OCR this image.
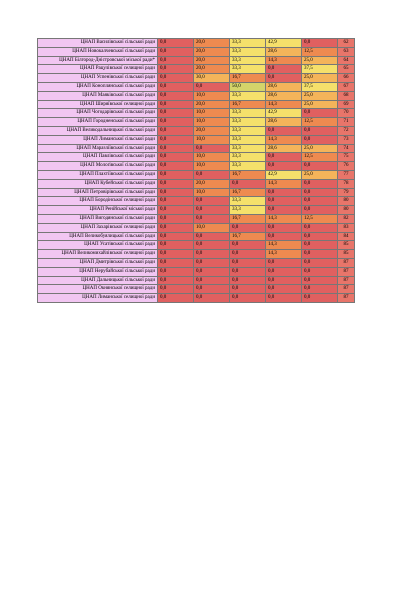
ЦНАП Василівської сільської ради	0,0	20,0	33,3	42,9	0,0	62
ЦНАП Новокалчевської сільської ради	0,0	20,0	33,3	28,6	12,5	63
ЦНАП Білгород-Дністровської міської ради*	0,0	20,0	33,3	14,3	25,0	64
ЦНАП Рацулівської селищної ради	0,0	20,0	33,3	0,0	37,5	65
ЦНАП Успенівської сільської ради	0,0	30,0	16,7	0,0	25,0	66
ЦНАП Коноплянської сільської ради	0,0	0,0	50,0	28,6	37,5	67
ЦНАП Маяківської сільської ради	0,0	10,0	33,3	28,6	25,0	68
ЦНАП Ширяївської селищної ради	0,0	20,0	16,7	14,3	25,0	69
ЦНАП Чогодарівської сільської ради	0,0	10,0	33,3	42,9	0,0	70
ЦНАП Городненської сільської ради	0,0	10,0	33,3	28,6	12,5	71
ЦНАП Великодальницької сільської ради	0,0	20,0	33,3	0,0	0,0	72
ЦНАП Лиманської сільської ради	0,0	10,0	33,3	14,3	0,0	73
ЦНАП Маразліївської сільської ради	0,0	0,0	33,3	28,6	25,0	74
ЦНАП Павлівської сільської ради	0,0	10,0	33,3	0,0	12,5	75
ЦНАП Молоґівської сільської ради	0,0	10,0	33,3	0,0	0,0	76
ЦНАП Плахтіївської сільської ради	0,0	0,0	16,7	42,9	25,0	77
ЦНАП Кубейської сільської ради	0,0	20,0	0,0	14,3	0,0	78
ЦНАП Петровірівської сільської ради	0,0	10,0	16,7	0,0	0,0	79
ЦНАП Бородінської селищної ради	0,0	0,0	33,3	0,0	0,0	80
ЦНАП Ренійської міської ради	0,0	0,0	33,3	0,0	0,0	80
ЦНАП Вигодянської сільської ради	0,0	0,0	16,7	14,3	12,5	82
ЦНАП Захарівської селищної ради	0,0	10,0	0,0	0,0	0,0	83
ЦНАП Великобуялицької сільської ради	0,0	0,0	16,7	0,0	0,0	84
ЦНАП Усатівської сільської ради	0,0	0,0	0,0	14,3	0,0	85
ЦНАП Великомихайлівської селищної ради	0,0	0,0	0,0	14,3	0,0	85
ЦНАП Дмитрівської сільської ради	0,0	0,0	0,0	0,0	0,0	87
ЦНАП Нерубайської сільської ради	0,0	0,0	0,0	0,0	0,0	87
ЦНАП Дальницької сільської ради	0,0	0,0	0,0	0,0	0,0	87
ЦНАП Окнянської селищної ради	0,0	0,0	0,0	0,0	0,0	87
ЦНАП Лиманської селищної ради	0,0	0,0	0,0	0,0	0,0	87
